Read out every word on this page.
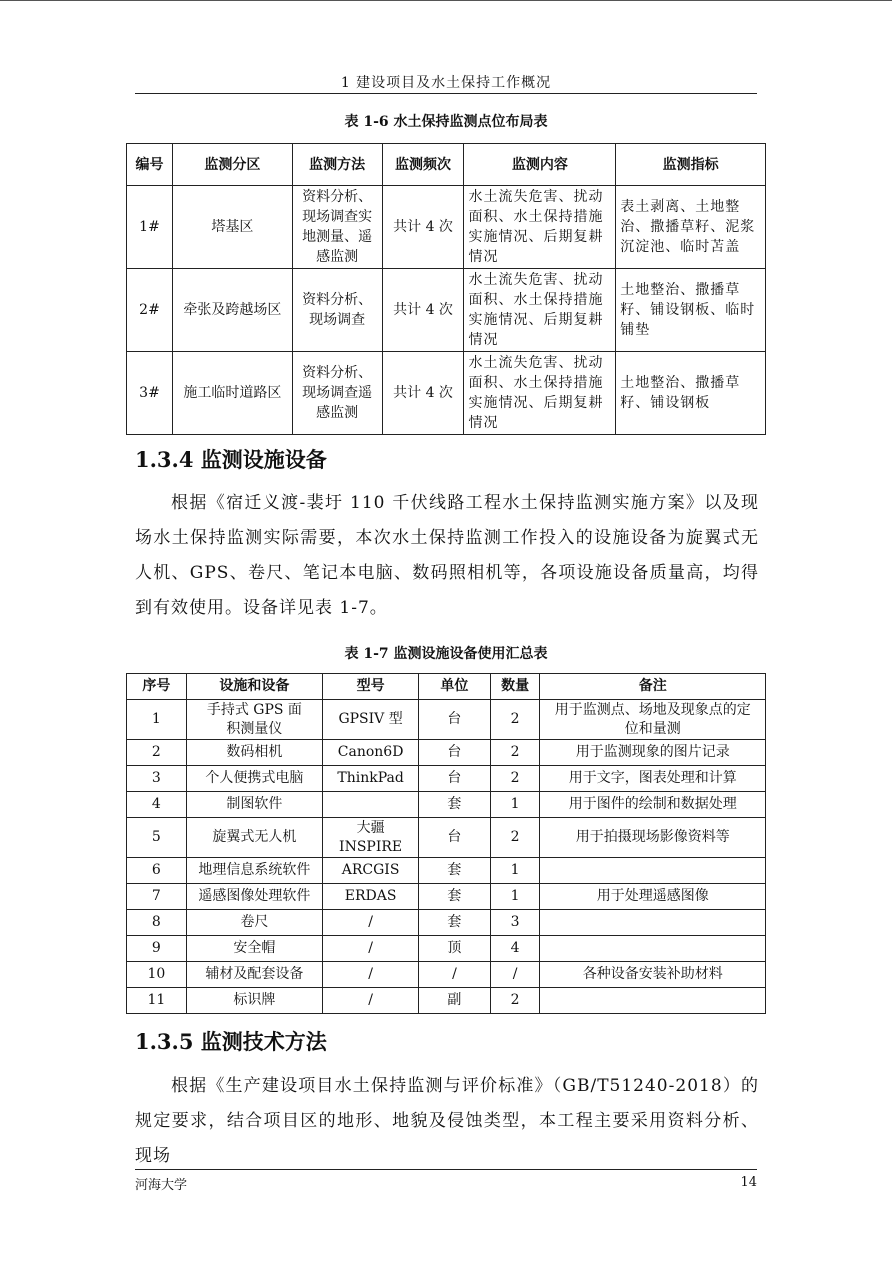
1 建设项目及水土保持工作概况
表 1-6 水土保持监测点位布局表
编号	监测分区	监测方法	监测频次	监测内容	监测指标
1#	塔基区	资料分析、现场调查实地测量、遥感监测	共计 4 次	水土流失危害、扰动面积、水土保持措施实施情况、后期复耕情况	表土剥离、土地整治、撒播草籽、泥浆沉淀池、临时苫盖
2#	牵张及跨越场区	资料分析、现场调查	共计 4 次	水土流失危害、扰动面积、水土保持措施实施情况、后期复耕情况	土地整治、撒播草籽、铺设钢板、临时铺垫
3#	施工临时道路区	资料分析、现场调查遥感监测	共计 4 次	水土流失危害、扰动面积、水土保持措施实施情况、后期复耕情况	土地整治、撒播草籽、铺设钢板
1.3.4 监测设施设备

根据《宿迁义渡-裴圩 110 千伏线路工程水土保持监测实施方案》以及现场水土保持监测实际需要，本次水土保持监测工作投入的设施设备为旋翼式无人机、GPS、卷尺、笔记本电脑、数码照相机等，各项设施设备质量高，均得到有效使用。设备详见表 1-7。

表 1-7 监测设施设备使用汇总表
序号	设施和设备	型号	单位	数量	备注
1	手持式 GPS 面积测量仪	GPSIV 型	台	2	用于监测点、场地及现象点的定位和量测
2	数码相机	Canon6D	台	2	用于监测现象的图片记录
3	个人便携式电脑	ThinkPad	台	2	用于文字，图表处理和计算
4	制图软件		套	1	用于图件的绘制和数据处理
5	旋翼式无人机	大疆 INSPIRE	台	2	用于拍摄现场影像资料等
6	地理信息系统软件	ARCGIS	套	1	
7	遥感图像处理软件	ERDAS	套	1	用于处理遥感图像
8	卷尺	/	套	3	
9	安全帽	/	顶	4	
10	辅材及配套设备	/	/	/	各种设备安装补助材料
11	标识牌	/	副	2	
1.3.5 监测技术方法

根据《生产建设项目水土保持监测与评价标准》（GB/T51240-2018）的规定要求，结合项目区的地形、地貌及侵蚀类型，本工程主要采用资料分析、现场

河海大学	14
